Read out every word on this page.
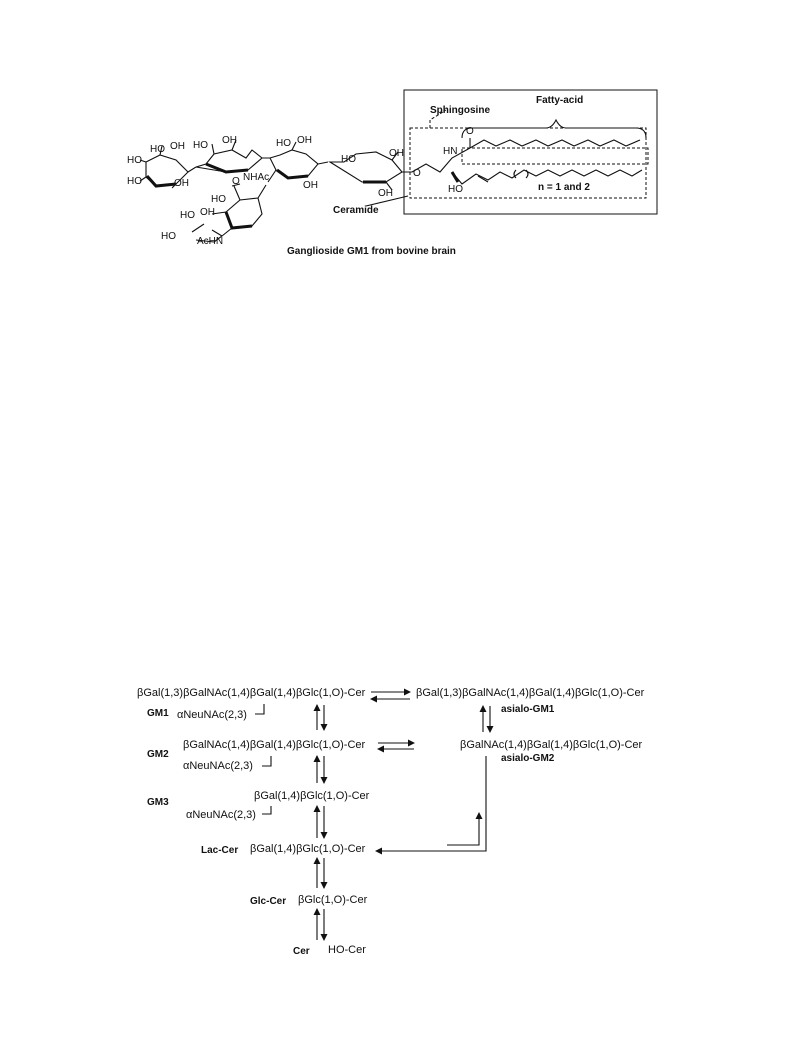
HO OH
HO
HO	OH
HO OH
NHAc
HO OH
OH
HO
OH
OH
O
HO
HO OH
HO AcHN
O
HN
O
HO
Sphingosine
Fatty-acid
n = 1 and 2
Ceramide
Ganglioside GM1 from bovine brain
βGal(1,3)βGalNAc(1,4)βGal(1,4)βGlc(1,O)-Cer
GM1 αNeuNAc(2,3)
βGal(1,3)βGalNAc(1,4)βGal(1,4)βGlc(1,O)-Cer
asialo-GM1
βGalNAc(1,4)βGal(1,4)βGlc(1,O)-Cer
GM2
αNeuNAc(2,3)
βGalNAc(1,4)βGal(1,4)βGlc(1,O)-Cer
asialo-GM2
βGal(1,4)βGlc(1,O)-Cer
GM3
αNeuNAc(2,3)
Lac-Cer βGal(1,4)βGlc(1,O)-Cer
Glc-Cer βGlc(1,O)-Cer
Cer HO-Cer
